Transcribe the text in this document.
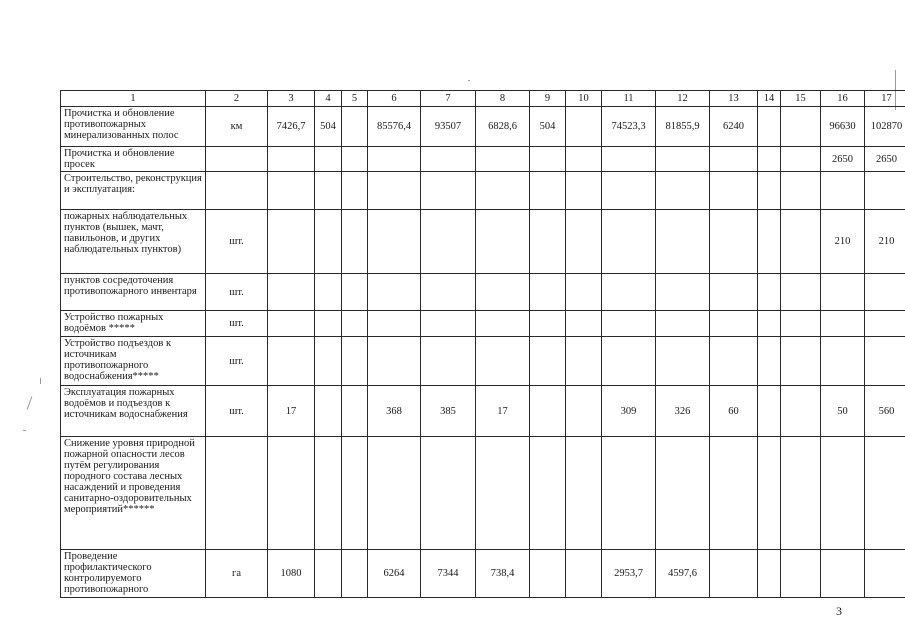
1	2	3	4	5	6	7	8	9	10	11	12	13	14	15	16	17
Прочистка и обновление противопожарных минерализованных полос	км	7426,7	504		85576,4	93507	6828,6	504		74523,3	81855,9	6240			96630	102870
Прочистка и обновление просек															2650	2650
Строительство, реконструкция и эксплуатация:																
пожарных наблюдательных пунктов (вышек, мачт, павильонов, и других наблюдательных пунктов)	шт.														210	210
пунктов сосредоточения противопожарного инвентаря	шт.															
Устройство пожарных водоёмов *****	шт.															
Устройство подъездов к источникам противопожарного водоснабжения*****	шт.															
Эксплуатация пожарных водоёмов и подъездов к источникам водоснабжения	шт.	17			368	385	17			309	326	60			50	560
Снижение уровня природной пожарной опасности лесов путём регулирования породного состава лесных насаждений и проведения санитарно-оздоровительных мероприятий******																
Проведение профилактического контролируемого противопожарного	га	1080			6264	7344	738,4			2953,7	4597,6					
3
